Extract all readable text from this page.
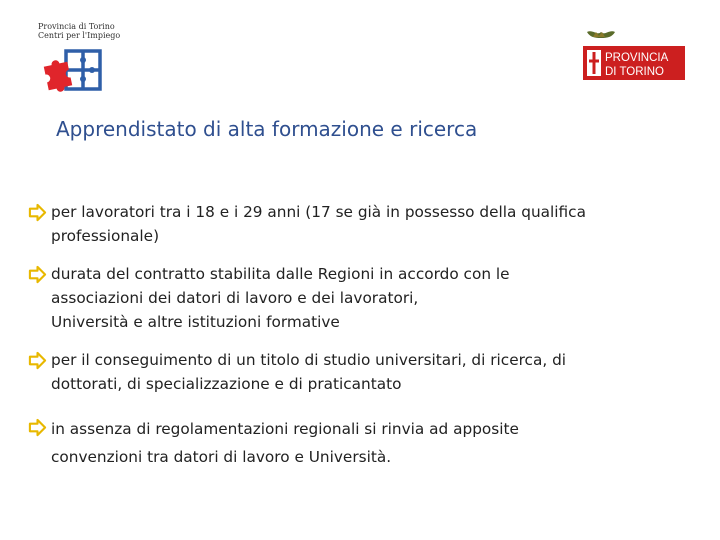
Provincia di Torino
Centri per l'Impiego
PROVINCIA
DI TORINO
Apprendistato di alta formazione e ricerca
per lavoratori tra i 18 e i 29 anni (17 se già in possesso della qualifica
professionale)
durata del contratto stabilita dalle Regioni in accordo con le
associazioni dei datori di lavoro e dei lavoratori,
Università e altre istituzioni formative
per il conseguimento di un titolo di studio universitari, di ricerca, di
dottorati, di specializzazione e di praticantato
in assenza di regolamentazioni regionali si rinvia ad apposite
convenzioni tra datori di lavoro e Università.
